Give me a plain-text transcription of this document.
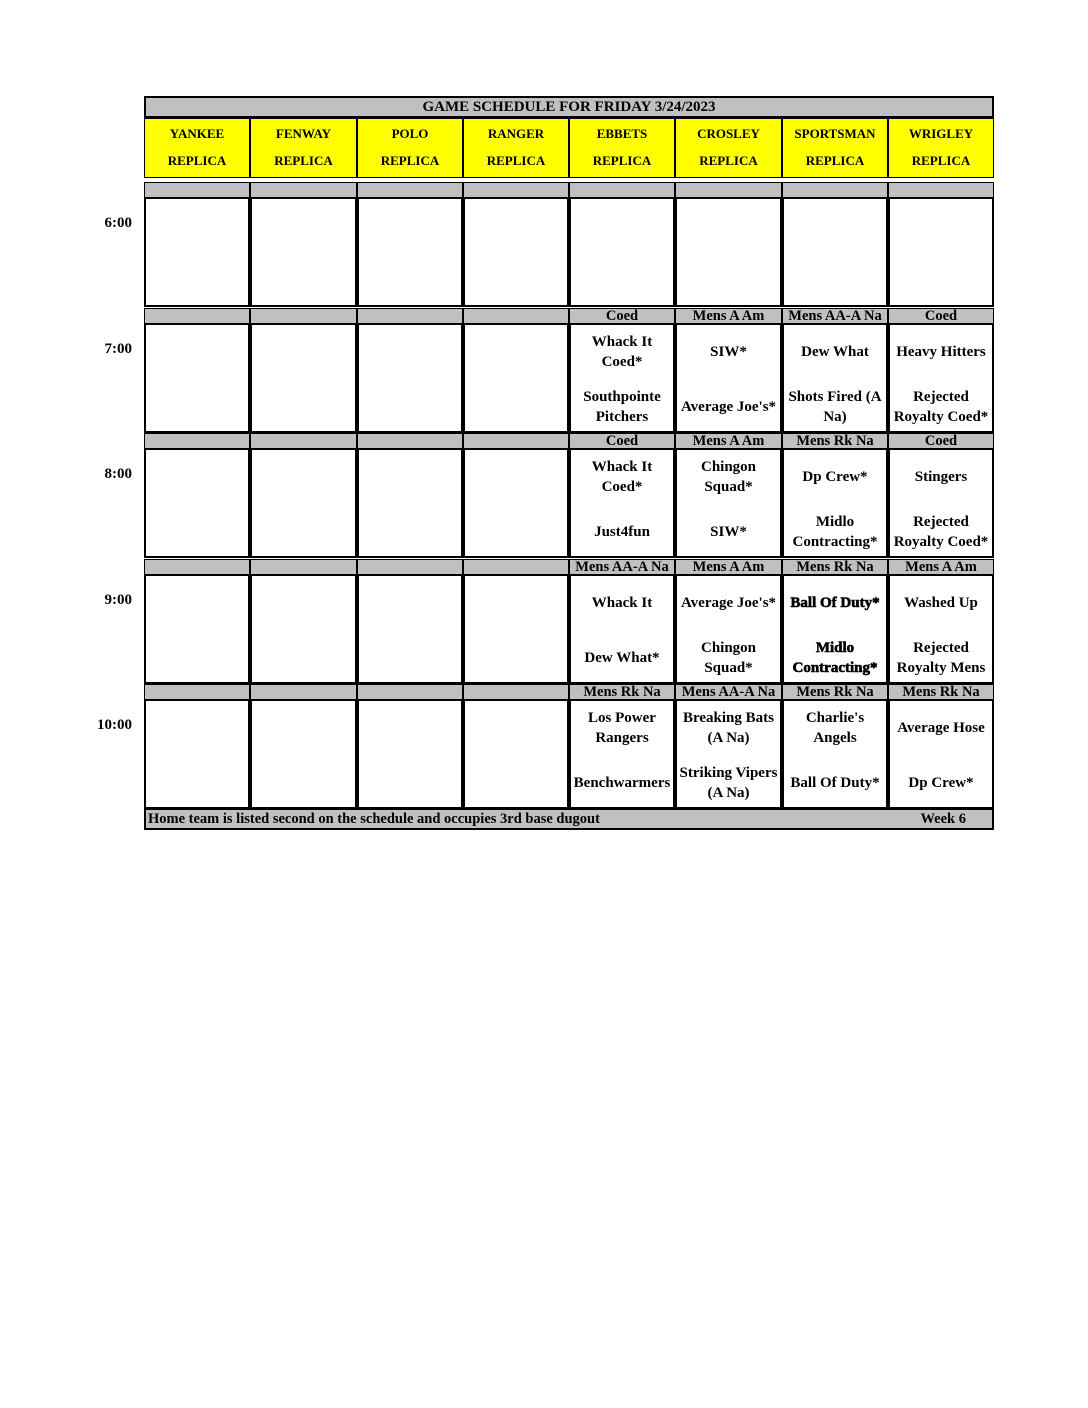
GAME SCHEDULE FOR FRIDAY 3/24/2023
YANKEE
REPLICA
FENWAY
REPLICA
POLO
REPLICA
RANGER
REPLICA
EBBETS
REPLICA
CROSLEY
REPLICA
SPORTSMAN
REPLICA
WRIGLEY
REPLICA
6:00
7:00
Coed
Whack It Coed*
Southpointe Pitchers
Mens A Am
SIW*
Average Joe's*
Mens AA-A Na
Dew What
Shots Fired (A Na)
Coed
Heavy Hitters
Rejected Royalty Coed*
8:00
Coed
Whack It Coed*
Just4fun
Mens A Am
Chingon Squad*
SIW*
Mens Rk Na
Dp Crew*
Midlo Contracting*
Coed
Stingers
Rejected Royalty Coed*
9:00
Mens AA-A Na
Whack It
Dew What*
Mens A Am
Average Joe's*
Chingon Squad*
Mens Rk Na
Ball Of Duty*
Midlo Contracting*
Mens A Am
Washed Up
Rejected Royalty Mens
10:00
Mens Rk Na
Los Power Rangers
Benchwarmers
Mens AA-A Na
Breaking Bats (A Na)
Striking Vipers (A Na)
Mens Rk Na
Charlie's Angels
Ball Of Duty*
Mens Rk Na
Average Hose
Dp Crew*
Home team is listed second on the schedule and occupies 3rd base dugout	Week 6
